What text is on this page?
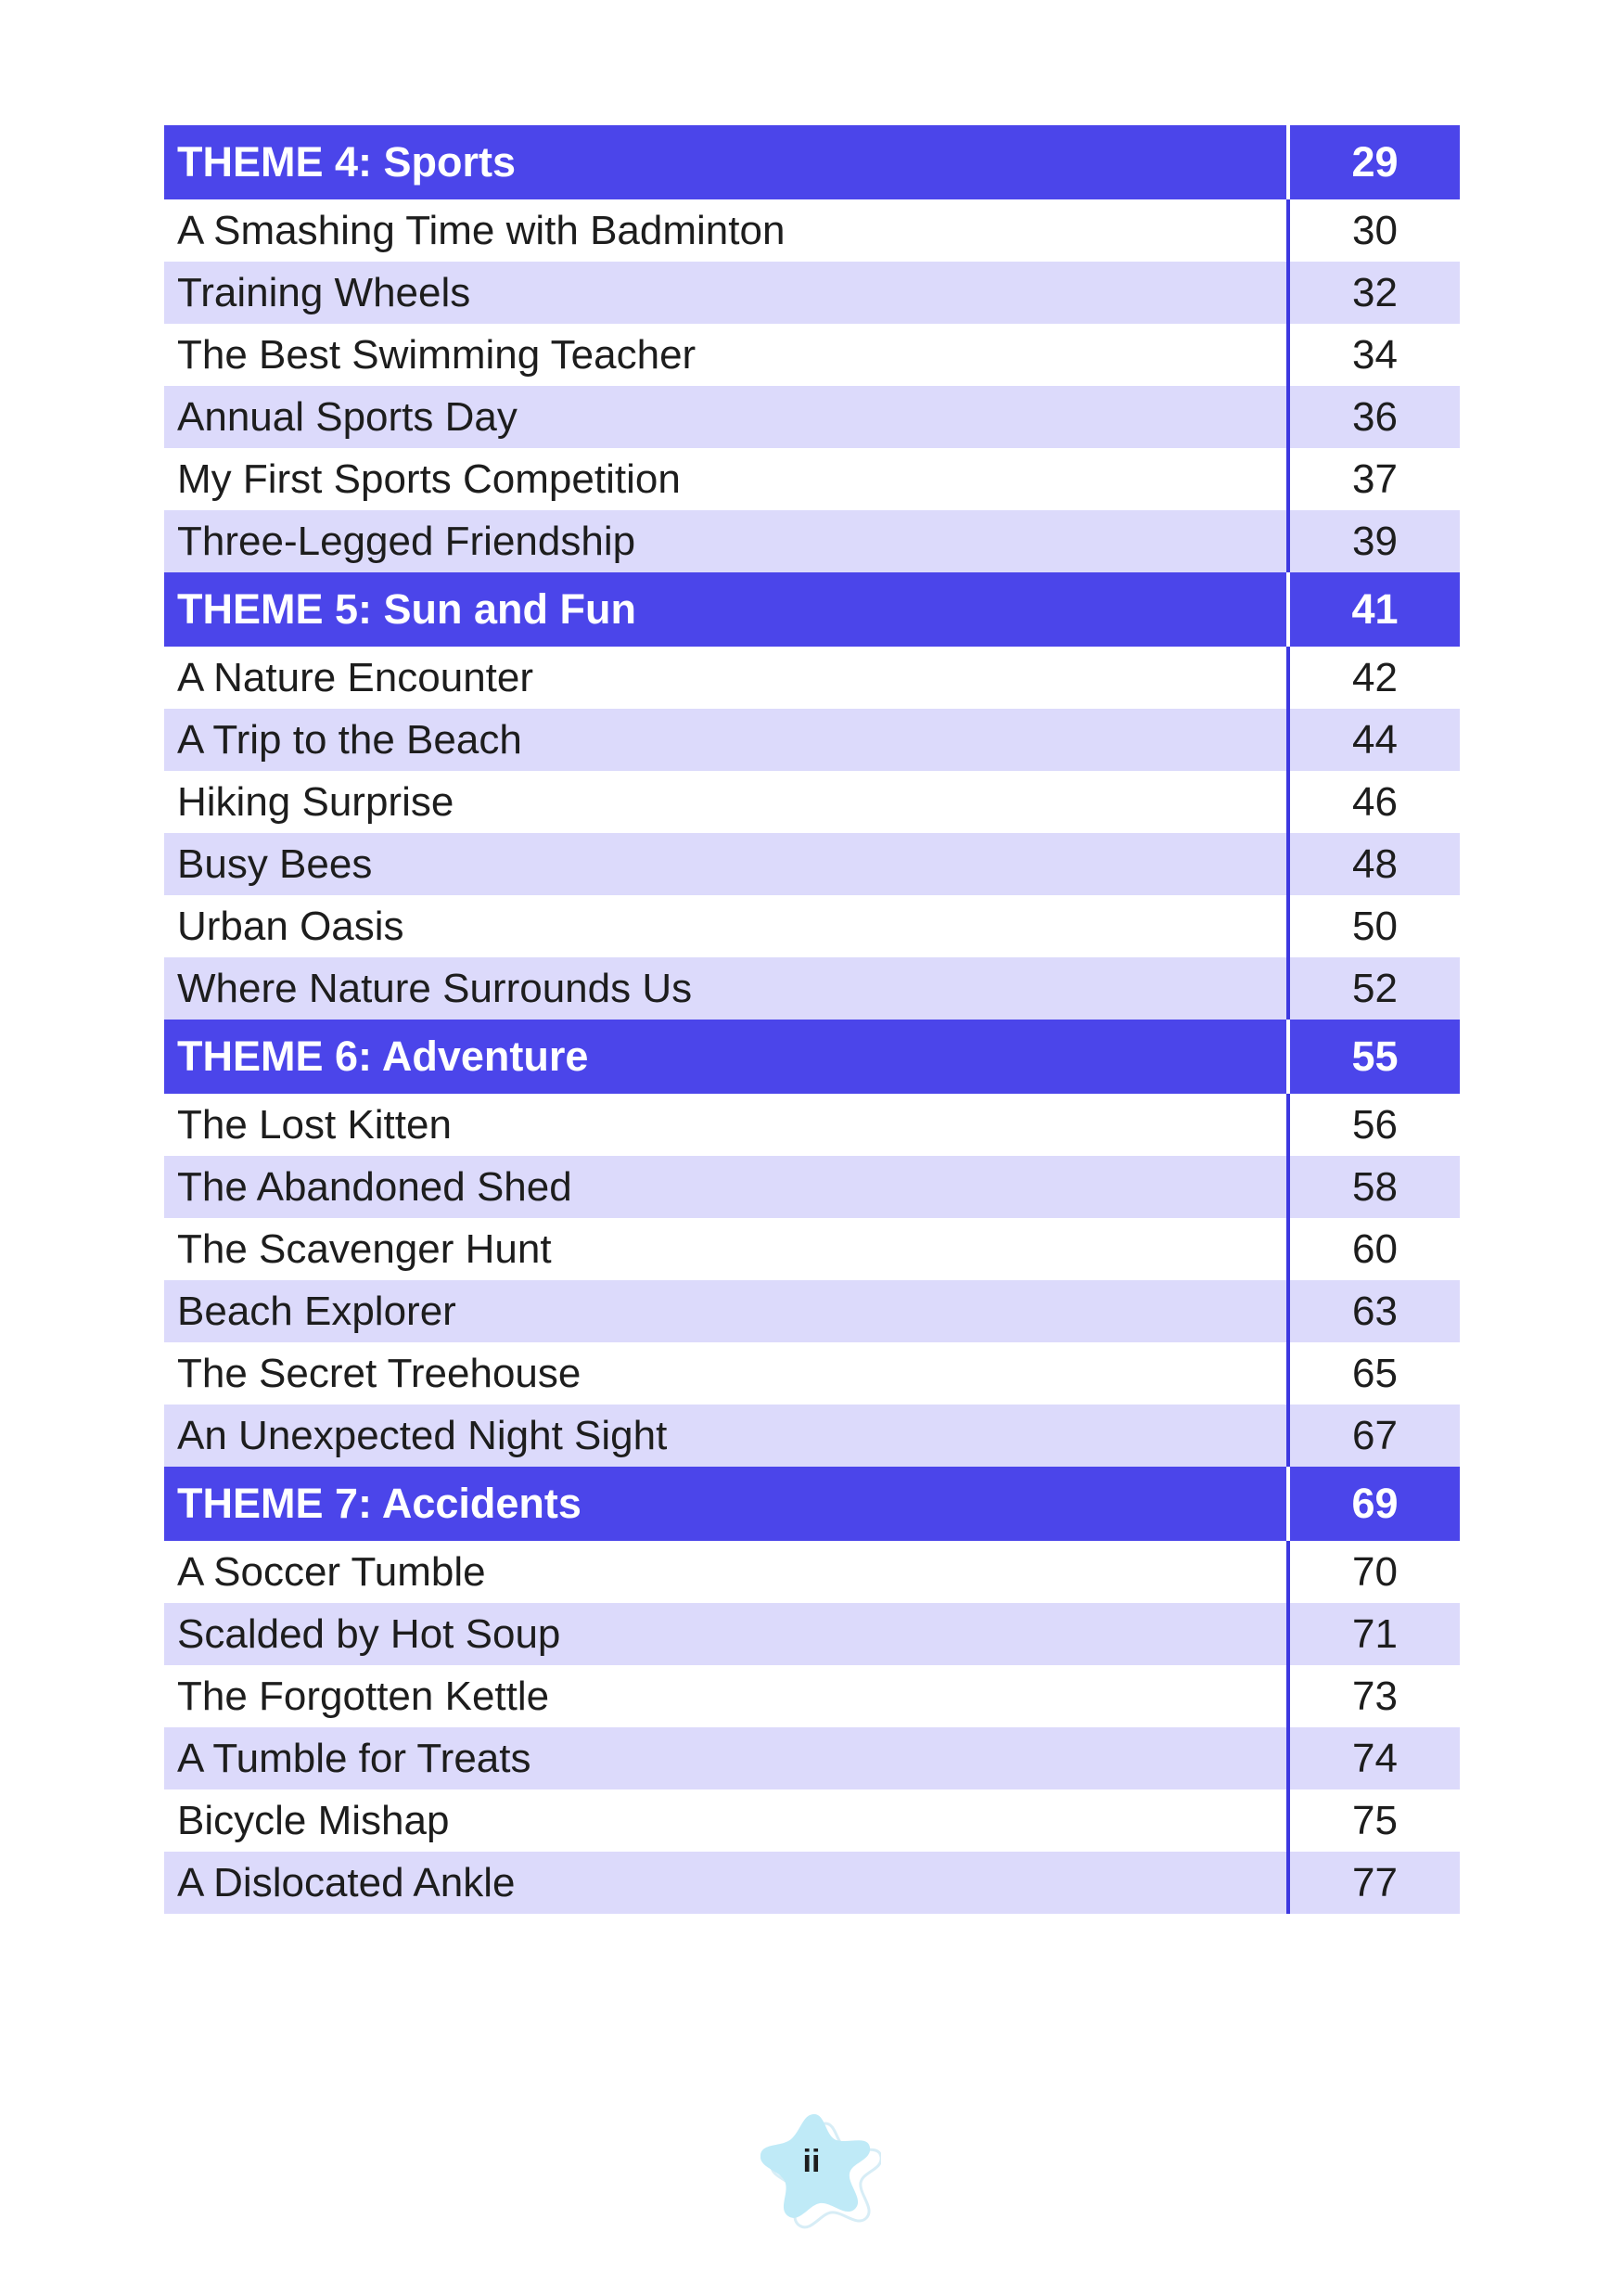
THEME 4: Sports	29
A Smashing Time with Badminton	30
Training Wheels	32
The Best Swimming Teacher	34
Annual Sports Day	36
My First Sports Competition	37
Three-Legged Friendship	39
THEME 5: Sun and Fun	41
A Nature Encounter	42
A Trip to the Beach	44
Hiking Surprise	46
Busy Bees	48
Urban Oasis	50
Where Nature Surrounds Us	52
THEME 6: Adventure	55
The Lost Kitten	56
The Abandoned Shed	58
The Scavenger Hunt	60
Beach Explorer	63
The Secret Treehouse	65
An Unexpected Night Sight	67
THEME 7: Accidents	69
A Soccer Tumble	70
Scalded by Hot Soup	71
The Forgotten Kettle	73
A Tumble for Treats	74
Bicycle Mishap	75
A Dislocated Ankle	77
ii
